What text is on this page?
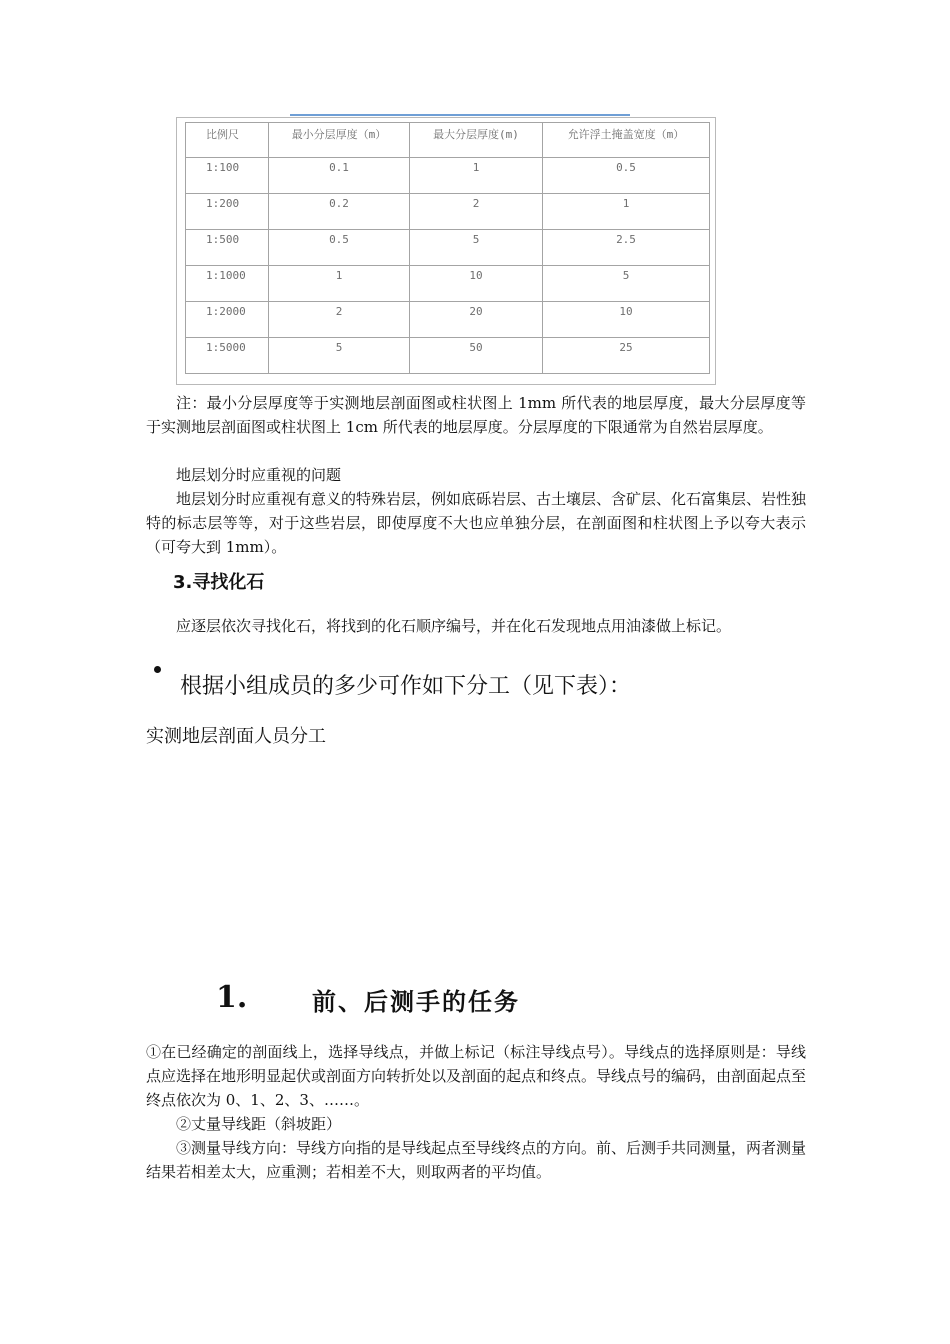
比例尺	最小分层厚度（m）	最大分层厚度(m)	允许浮土掩盖宽度（m）

1:100	0.1	1	0.5

1:200	0.2	2	1

1:500	0.5	5	2.5

1:1000	1	10	5

1:2000	2	20	10

1:5000	5	50	25

注：最小分层厚度等于实测地层剖面图或柱状图上 1mm 所代表的地层厚度，最大分层厚度等于实测地层剖面图或柱状图上 1cm 所代表的地层厚度。分层厚度的下限通常为自然岩层厚度。

地层划分时应重视的问题

地层划分时应重视有意义的特殊岩层，例如底砾岩层、古土壤层、含矿层、化石富集层、岩性独特的标志层等等，对于这些岩层，即使厚度不大也应单独分层，在剖面图和柱状图上予以夸大表示（可夸大到 1mm）。

3.寻找化石
应逐层依次寻找化石，将找到的化石顺序编号，并在化石发现地点用油漆做上标记。
根据小组成员的多少可作如下分工（见下表）：
实测地层剖面人员分工
1.	前、后测手的任务

①在已经确定的剖面线上，选择导线点，并做上标记（标注导线点号）。导线点的选择原则是：导线点应选择在地形明显起伏或剖面方向转折处以及剖面的起点和终点。导线点号的编码，由剖面起点至终点依次为 0、1、2、3、……。

②丈量导线距（斜坡距）

③测量导线方向：导线方向指的是导线起点至导线终点的方向。前、后测手共同测量，两者测量结果若相差太大，应重测；若相差不大，则取两者的平均值。
